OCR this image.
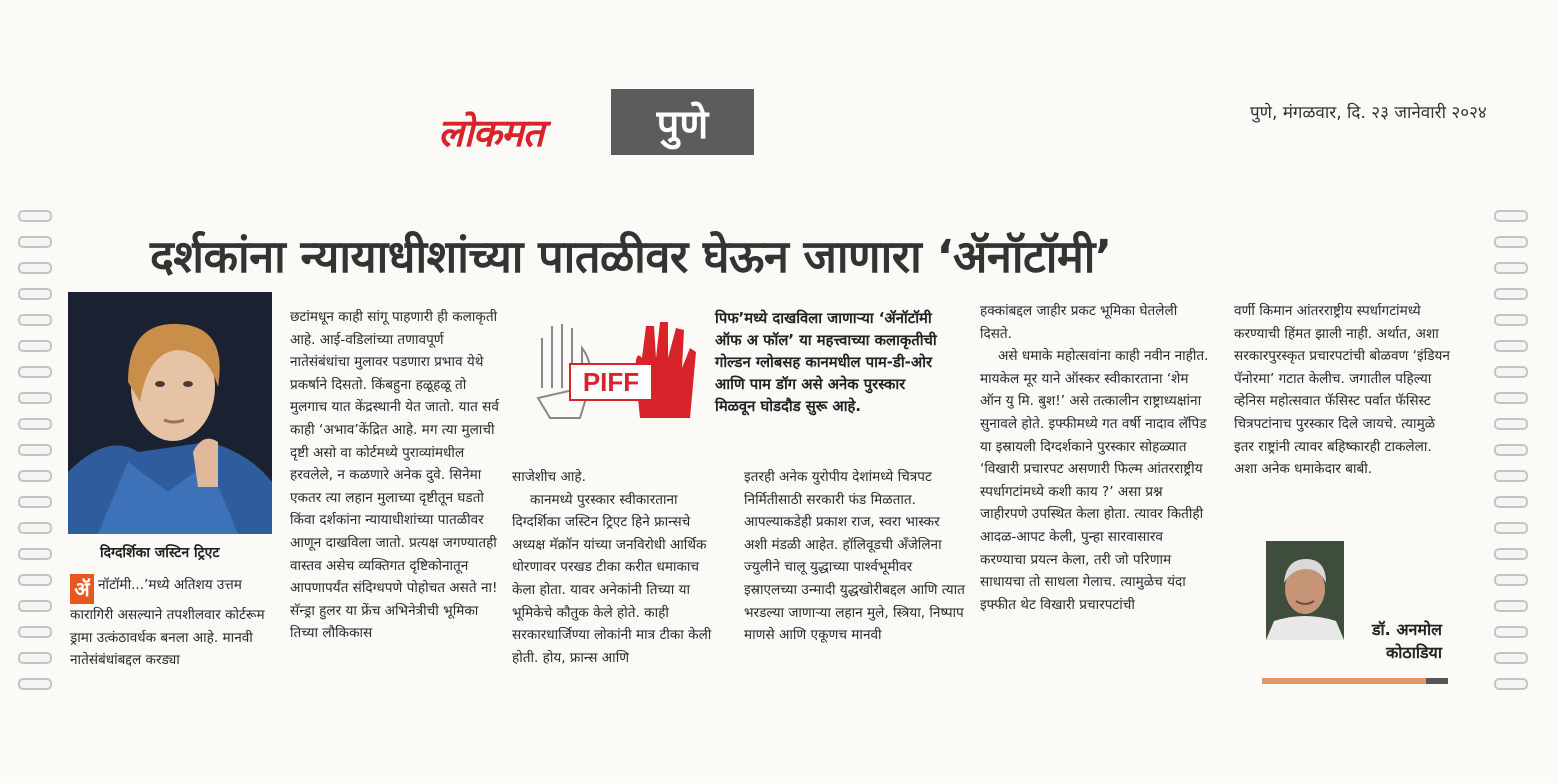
लोकमत	पुणे	पुणे, मंगळवार, दि. २३ जानेवारी २०२४
दर्शकांना न्यायाधीशांच्या पातळीवर घेऊन जाणारा ‘ॲनॉटॉमी’
दिग्दर्शिका जस्टिन ट्रिएट

ॲ नॉटॉमी...’मध्ये अतिशय उत्तम कारागिरी असल्याने तपशीलवार कोर्टरूम ड्रामा उत्कंठावर्धक बनला आहे. मानवी नातेसंबंधांबद्दल करड्या

छटांमधून काही सांगू पाहणारी ही कलाकृती आहे. आई-वडिलांच्या तणावपूर्ण नातेसंबंधांचा मुलावर पडणारा प्रभाव येथे प्रकर्षाने दिसतो. किंबहुना हळूहळू तो मुलगाच यात केंद्रस्थानी येत जातो. यात सर्व काही ‘अभाव’केंद्रित आहे. मग त्या मुलाची दृष्टी असो वा कोर्टमध्ये पुराव्यांमधील हरवलेले, न कळणारे अनेक दुवे. सिनेमा एकतर त्या लहान मुलाच्या दृष्टीतून घडतो किंवा दर्शकांना न्यायाधीशांच्या पातळीवर आणून दाखविला जातो. प्रत्यक्ष जगण्यातही वास्तव असेच व्यक्तिगत दृष्टिकोनातून आपणापर्यंत संदिग्धपणे पोहोचत असते ना! सॅन्ड्रा हुलर या फ्रेंच अभिनेत्रीची भूमिका तिच्या लौकिकास

PIFF
पिफ’मध्ये दाखविला जाणाऱ्या ‘ॲनॉटॉमी ऑफ अ फॉल’ या महत्त्वाच्या कलाकृतीची गोल्डन ग्लोबसह कानमधील पाम-डी-ओर आणि पाम डॉग असे अनेक पुरस्कार मिळवून घोडदौड सुरू आहे.

साजेशीच आहे.

कानमध्ये पुरस्कार स्वीकारताना दिग्दर्शिका जस्टिन ट्रिएट हिने फ्रान्सचे अध्यक्ष मॅक्रॉन यांच्या जनविरोधी आर्थिक धोरणावर परखड टीका करीत धमाकाच केला होता. यावर अनेकांनी तिच्या या भूमिकेचे कौतुक केले होते. काही सरकारधार्जिण्या लोकांनी मात्र टीका केली होती. होय, फ्रान्स आणि

इतरही अनेक युरोपीय देशांमध्ये चित्रपट निर्मितीसाठी सरकारी फंड मिळतात. आपल्याकडेही प्रकाश राज, स्वरा भास्कर अशी मंडळी आहेत. हॉलिवूडची अँजेलिना ज्युलीने चालू युद्धाच्या पार्श्वभूमीवर इस्राएलच्या उन्मादी युद्धखोरीबद्दल आणि त्यात भरडल्या जाणाऱ्या लहान मुले, स्त्रिया, निष्पाप माणसे आणि एकूणच मानवी

हक्कांबद्दल जाहीर प्रकट भूमिका घेतलेली दिसते.

असे धमाके महोत्सवांना काही नवीन नाहीत. मायकेल मूर याने ऑस्कर स्वीकारताना ‘शेम ऑन यु मि. बुश!’ असे तत्कालीन राष्ट्राध्यक्षांना सुनावले होते. इफ्फीमध्ये गत वर्षी नादाव लॅपिड या इस्रायली दिग्दर्शकाने पुरस्कार सोहळ्यात ‘विखारी प्रचारपट असणारी फिल्म आंतरराष्ट्रीय स्पर्धागटांमध्ये कशी काय ?’ असा प्रश्न जाहीरपणे उपस्थित केला होता. त्यावर कितीही आदळ-आपट केली, पुन्हा सारवासारव करण्याचा प्रयत्न केला, तरी जो परिणाम साधायचा तो साधला गेलाच. त्यामुळेच यंदा इफ्फीत थेट विखारी प्रचारपटांची

वर्णी किमान आंतरराष्ट्रीय स्पर्धागटांमध्ये करण्याची हिंमत झाली नाही. अर्थात, अशा सरकारपुरस्कृत प्रचारपटांची बोळवण ‘इंडियन पॅनोरमा’ गटात केलीच. जगातील पहिल्या व्हेनिस महोत्सवात फॅसिस्ट पर्वात फॅसिस्ट चित्रपटांनाच पुरस्कार दिले जायचे. त्यामुळे इतर राष्ट्रांनी त्यावर बहिष्कारही टाकलेला. अशा अनेक धमाकेदार बाबी.

डॉ. अनमोल
कोठाडिया
